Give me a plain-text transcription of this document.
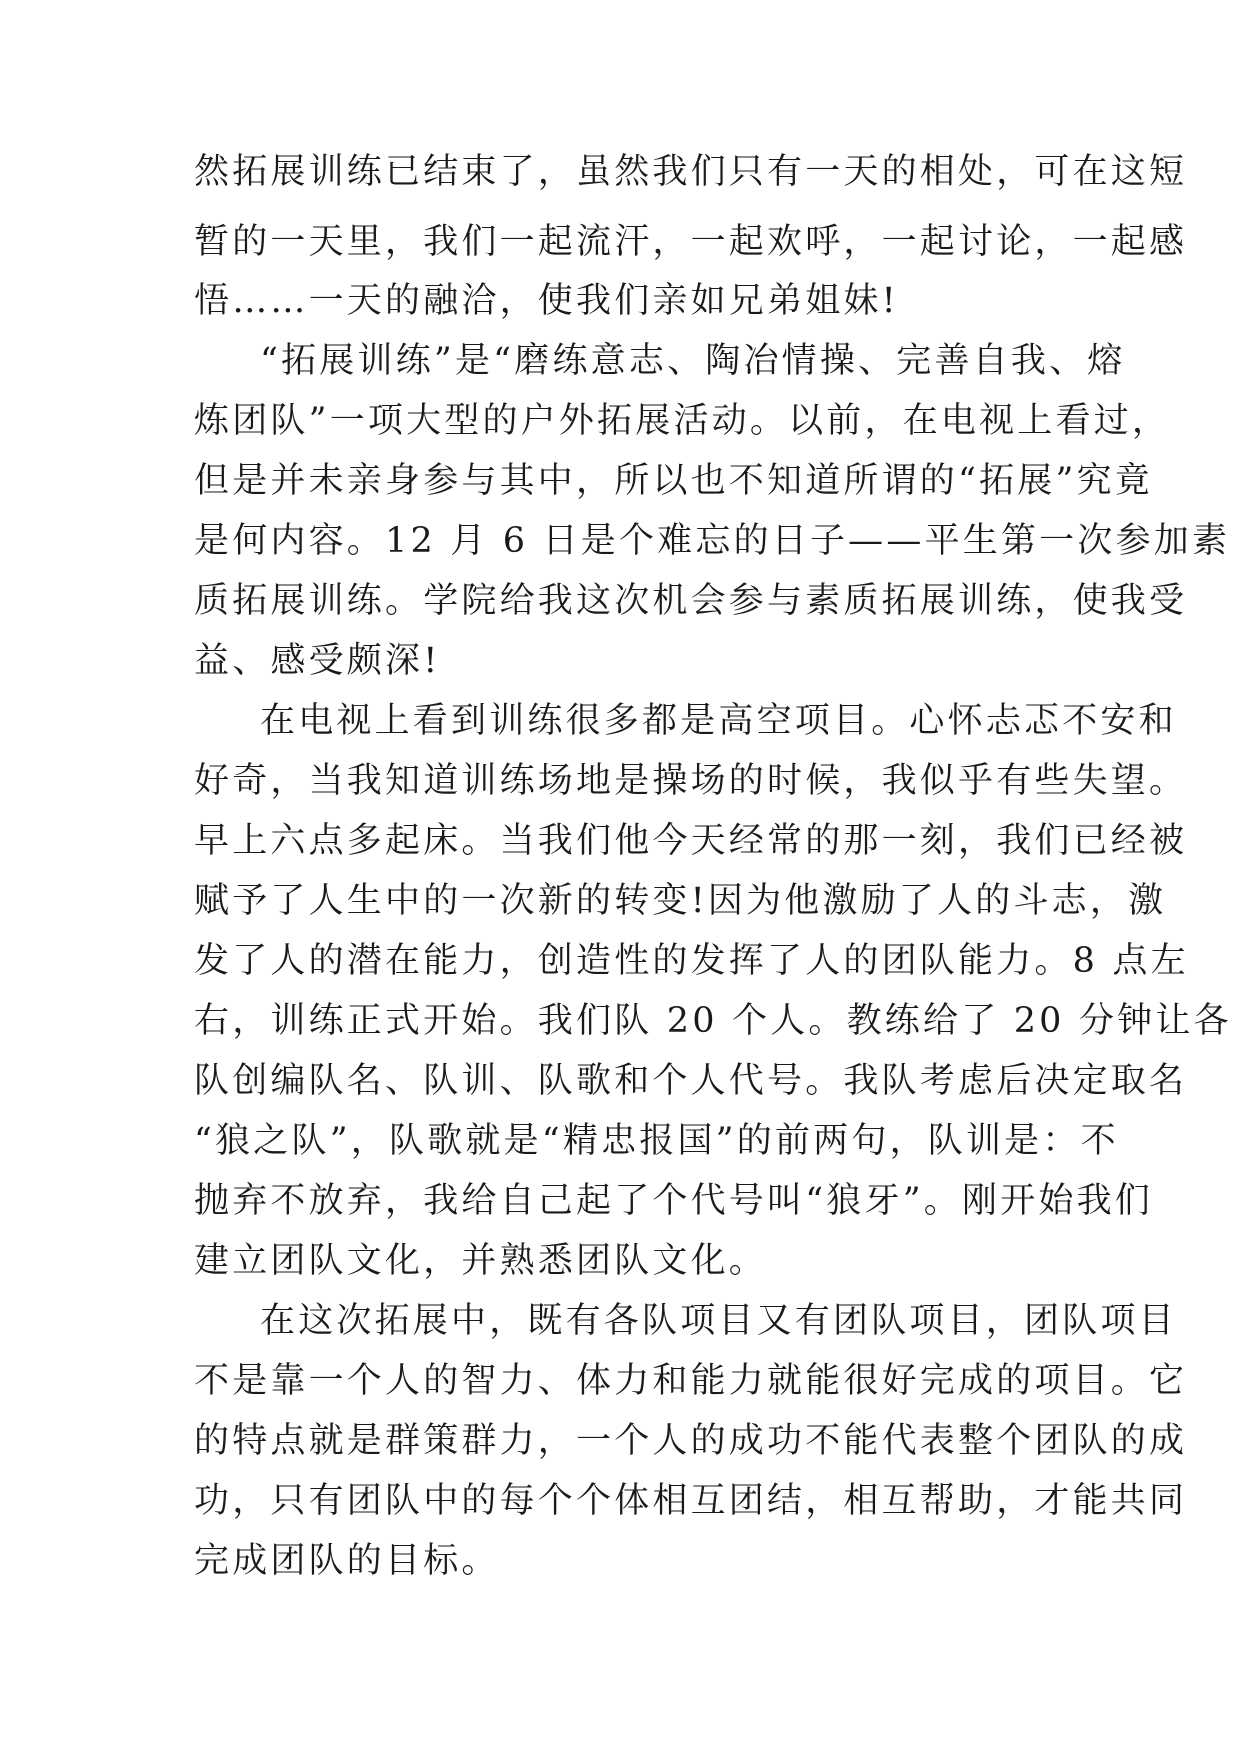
然拓展训练已结束了，虽然我们只有一天的相处，可在这短
暂的一天里，我们一起流汗，一起欢呼，一起讨论，一起感
悟……一天的融洽，使我们亲如兄弟姐妹!
“拓展训练”是“磨练意志、陶冶情操、完善自我、熔
炼团队”一项大型的户外拓展活动。以前，在电视上看过，
但是并未亲身参与其中，所以也不知道所谓的“拓展”究竟
是何内容。12 月 6 日是个难忘的日子——平生第一次参加素
质拓展训练。学院给我这次机会参与素质拓展训练，使我受
益、感受颇深!
在电视上看到训练很多都是高空项目。心怀忐忑不安和
好奇，当我知道训练场地是操场的时候，我似乎有些失望。
早上六点多起床。当我们他今天经常的那一刻，我们已经被
赋予了人生中的一次新的转变!因为他激励了人的斗志，激
发了人的潜在能力，创造性的发挥了人的团队能力。8 点左
右，训练正式开始。我们队 20 个人。教练给了 20 分钟让各
队创编队名、队训、队歌和个人代号。我队考虑后决定取名
“狼之队”，队歌就是“精忠报国”的前两句，队训是：不
抛弃不放弃，我给自己起了个代号叫“狼牙”。刚开始我们
建立团队文化，并熟悉团队文化。
在这次拓展中，既有各队项目又有团队项目，团队项目
不是靠一个人的智力、体力和能力就能很好完成的项目。它
的特点就是群策群力，一个人的成功不能代表整个团队的成
功，只有团队中的每个个体相互团结，相互帮助，才能共同
完成团队的目标。
